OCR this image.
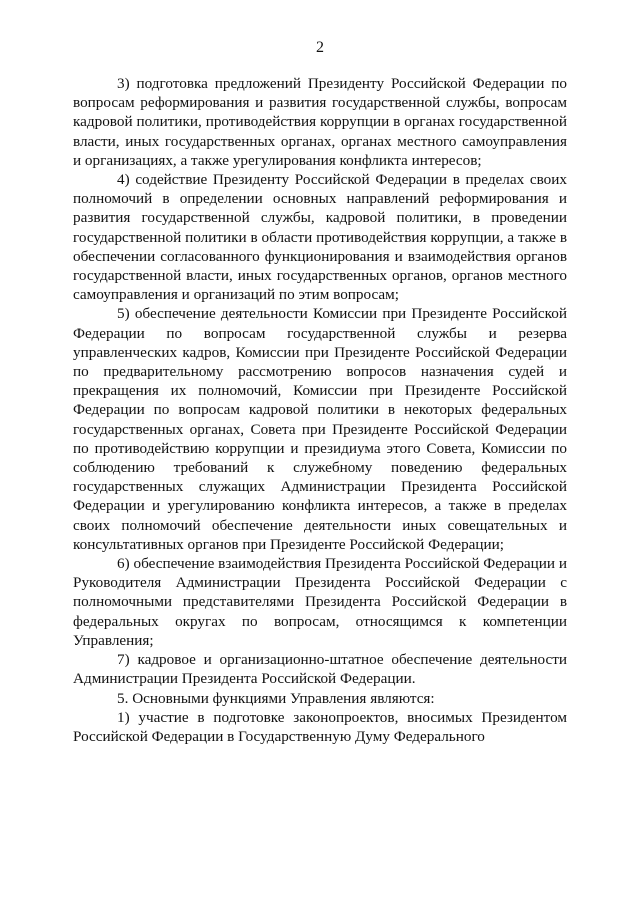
2

3) подготовка предложений Президенту Российской Федерации по вопросам реформирования и развития государственной службы, вопросам кадровой политики, противодействия коррупции в органах государственной власти, иных государственных органах, органах местного самоуправления и организациях, а также урегулирования конфликта интересов;

4) содействие Президенту Российской Федерации в пределах своих полномочий в определении основных направлений реформирования и развития государственной службы, кадровой политики, в проведении государственной политики в области противодействия коррупции, а также в обеспечении согласованного функционирования и взаимодействия органов государственной власти, иных государственных органов, органов местного самоуправления и организаций по этим вопросам;

5) обеспечение деятельности Комиссии при Президенте Российской Федерации по вопросам государственной службы и резерва управленческих кадров, Комиссии при Президенте Российской Федерации по предварительному рассмотрению вопросов назначения судей и прекращения их полномочий, Комиссии при Президенте Российской Федерации по вопросам кадровой политики в некоторых федеральных государственных органах, Совета при Президенте Российской Федерации по противодействию коррупции и президиума этого Совета, Комиссии по соблюдению требований к служебному поведению федеральных государственных служащих Администрации Президента Российской Федерации и урегулированию конфликта интересов, а также в пределах своих полномочий обеспечение деятельности иных совещательных и консультативных органов при Президенте Российской Федерации;

6) обеспечение взаимодействия Президента Российской Федерации и Руководителя Администрации Президента Российской Федерации с полномочными представителями Президента Российской Федерации в федеральных округах по вопросам, относящимся к компетенции Управления;

7) кадровое и организационно-штатное обеспечение деятельности Администрации Президента Российской Федерации.

5. Основными функциями Управления являются:

1) участие в подготовке законопроектов, вносимых Президентом Российской Федерации в Государственную Думу Федерального
